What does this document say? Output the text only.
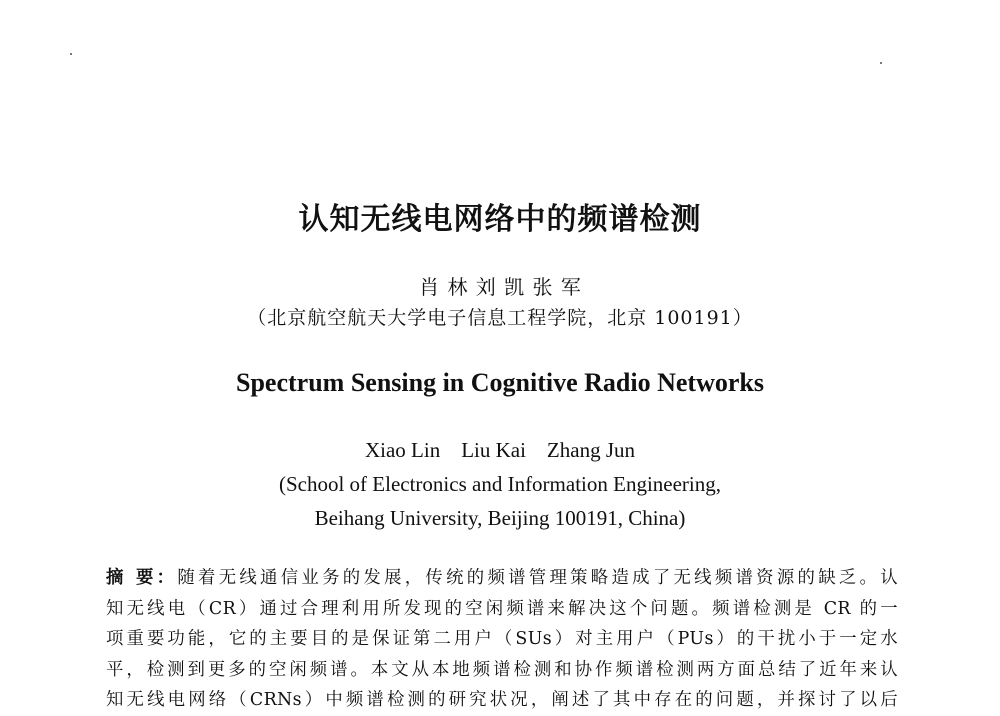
认知无线电网络中的频谱检测
肖 林 刘 凯 张 军
（北京航空航天大学电子信息工程学院，北京 100191）
Spectrum Sensing in Cognitive Radio Networks
Xiao Lin    Liu Kai    Zhang Jun
(School of Electronics and Information Engineering,
Beihang University, Beijing 100191, China)
摘 要：随着无线通信业务的发展，传统的频谱管理策略造成了无线频谱资源的缺乏。认
知无线电（CR）通过合理利用所发现的空闲频谱来解决这个问题。频谱检测是 CR 的一
项重要功能，它的主要目的是保证第二用户（SUs）对主用户（PUs）的干扰小于一定水
平，检测到更多的空闲频谱。本文从本地频谱检测和协作频谱检测两方面总结了近年来认
知无线电网络（CRNs）中频谱检测的研究状况，阐述了其中存在的问题，并探讨了以后
